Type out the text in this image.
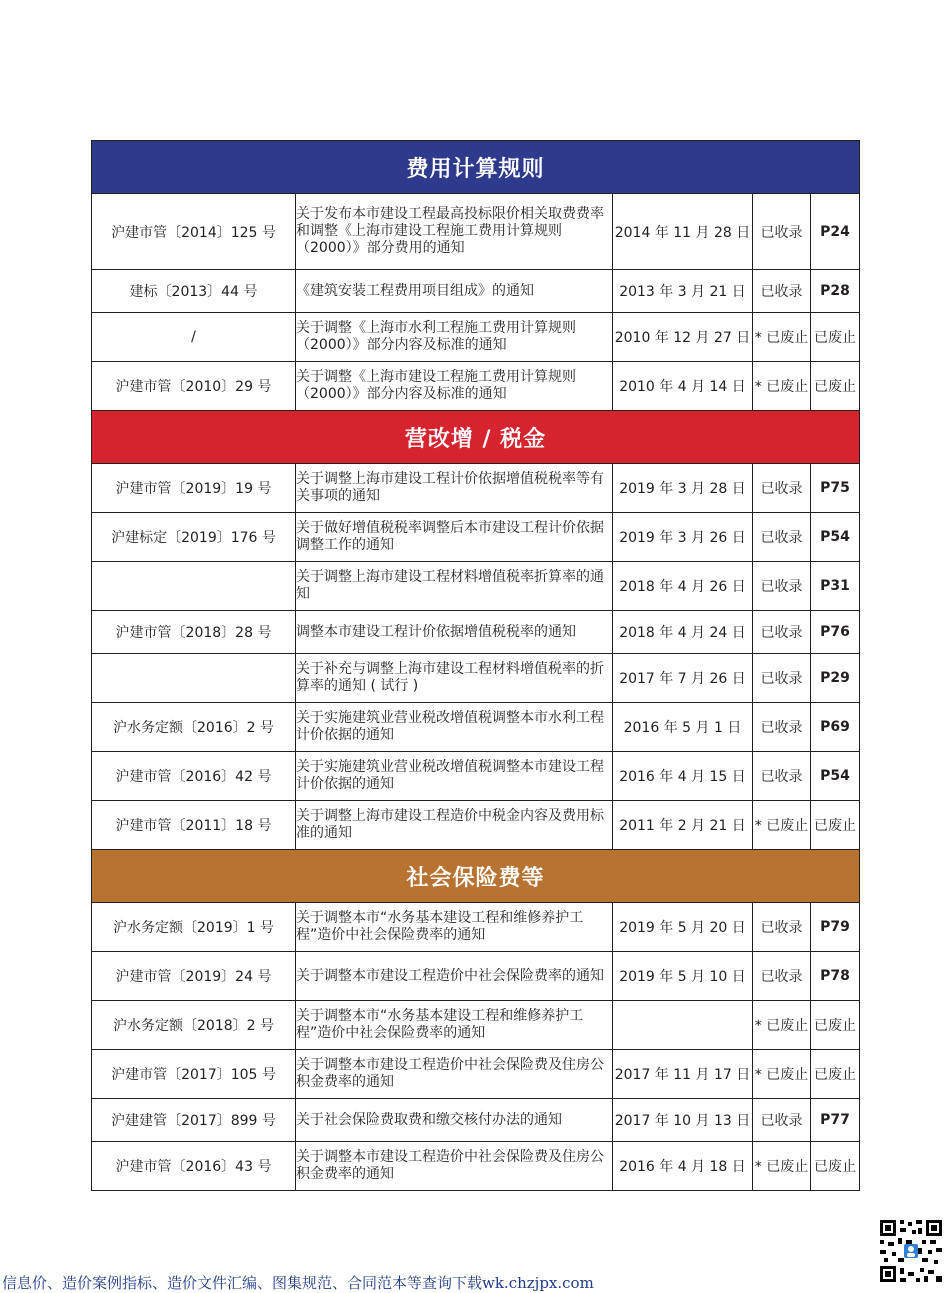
费用计算规则				
沪建市管〔2014〕125 号	关于发布本市建设工程最高投标限价相关取费费率和调整《上海市建设工程施工费用计算规则（2000）》部分费用的通知	2014 年 11 月 28 日	已收录	P24
建标〔2013〕44 号	《建筑安装工程费用项目组成》的通知	2013 年 3 月 21 日	已收录	P28
/	关于调整《上海市水利工程施工费用计算规则（2000）》部分内容及标准的通知	2010 年 12 月 27 日	* 已废止	已废止
沪建市管〔2010〕29 号	关于调整《上海市建设工程施工费用计算规则（2000）》部分内容及标准的通知	2010 年 4 月 14 日	* 已废止	已废止
营改增 / 税金				
沪建市管〔2019〕19 号	关于调整上海市建设工程计价依据增值税税率等有关事项的通知	2019 年 3 月 28 日	已收录	P75
沪建标定〔2019〕176 号	关于做好增值税税率调整后本市建设工程计价依据调整工作的通知	2019 年 3 月 26 日	已收录	P54
	关于调整上海市建设工程材料增值税率折算率的通知	2018 年 4 月 26 日	已收录	P31
沪建市管〔2018〕28 号	调整本市建设工程计价依据增值税税率的通知	2018 年 4 月 24 日	已收录	P76
	关于补充与调整上海市建设工程材料增值税率的折算率的通知 ( 试行 )	2017 年 7 月 26 日	已收录	P29
沪水务定额〔2016〕2 号	关于实施建筑业营业税改增值税调整本市水利工程计价依据的通知	2016 年 5 月 1 日	已收录	P69
沪建市管〔2016〕42 号	关于实施建筑业营业税改增值税调整本市建设工程计价依据的通知	2016 年 4 月 15 日	已收录	P54
沪建市管〔2011〕18 号	关于调整上海市建设工程造价中税金内容及费用标准的通知	2011 年 2 月 21 日	* 已废止	已废止
社会保险费等				
沪水务定额〔2019〕1 号	关于调整本市“水务基本建设工程和维修养护工程”造价中社会保险费率的通知	2019 年 5 月 20 日	已收录	P79
沪建市管〔2019〕24 号	关于调整本市建设工程造价中社会保险费率的通知	2019 年 5 月 10 日	已收录	P78
沪水务定额〔2018〕2 号	关于调整本市“水务基本建设工程和维修养护工程”造价中社会保险费率的通知		* 已废止	已废止
沪建市管〔2017〕105 号	关于调整本市建设工程造价中社会保险费及住房公积金费率的通知	2017 年 11 月 17 日	* 已废止	已废止
沪建建管〔2017〕899 号	关于社会保险费取费和缴交核付办法的通知	2017 年 10 月 13 日	已收录	P77
沪建市管〔2016〕43 号	关于调整本市建设工程造价中社会保险费及住房公积金费率的通知	2016 年 4 月 18 日	* 已废止	已废止
信息价、造价案例指标、造价文件汇编、图集规范、合同范本等查询下载wk.chzjpx.com
